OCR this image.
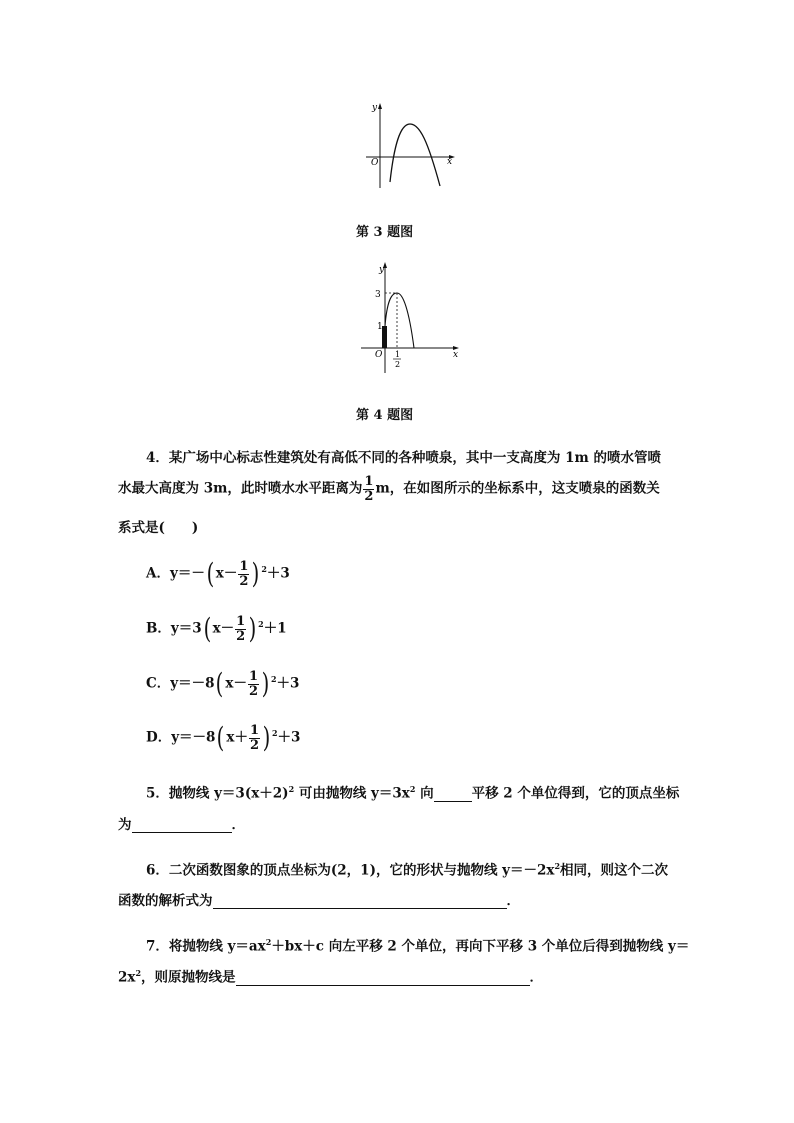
y
x
O
第 3 题图
3
1
y
x
O 1
2
第 4 题图
4．某广场中心标志性建筑处有高低不同的各种喷泉，其中一支高度为 1m 的喷水管喷
水最大高度为 3m，此时喷水水平距离为 $\frac{1}{2}$ m，在如图所示的坐标系中，这支喷泉的函数关
系式是(　　)
A．y＝－( $x- \frac{1}{2}$ ) $^2$＋3
B．y＝3( $x- \frac{1}{2}$ ) $^2$＋1
C．y＝－8( $x- \frac{1}{2}$ ) $^2$＋3
D．y＝－8( $x+ \frac{1}{2}$ ) $^2$＋3
5．抛物线 $y=3(x+2)^2$ 可由抛物线 $y=3x^2$ 向	平移 2 个单位得到，它的顶点坐标
为	．
6．二次函数图象的顶点坐标为(2，1)，它的形状与抛物线 $y=-2x^2$相同，则这个二次
函数的解析式为	．
7．将抛物线 $y=ax^2+bx+c$ 向左平移 2 个单位，再向下平移 3 个单位后得到抛物线 y＝
$2x^2$，则原抛物线是	．
